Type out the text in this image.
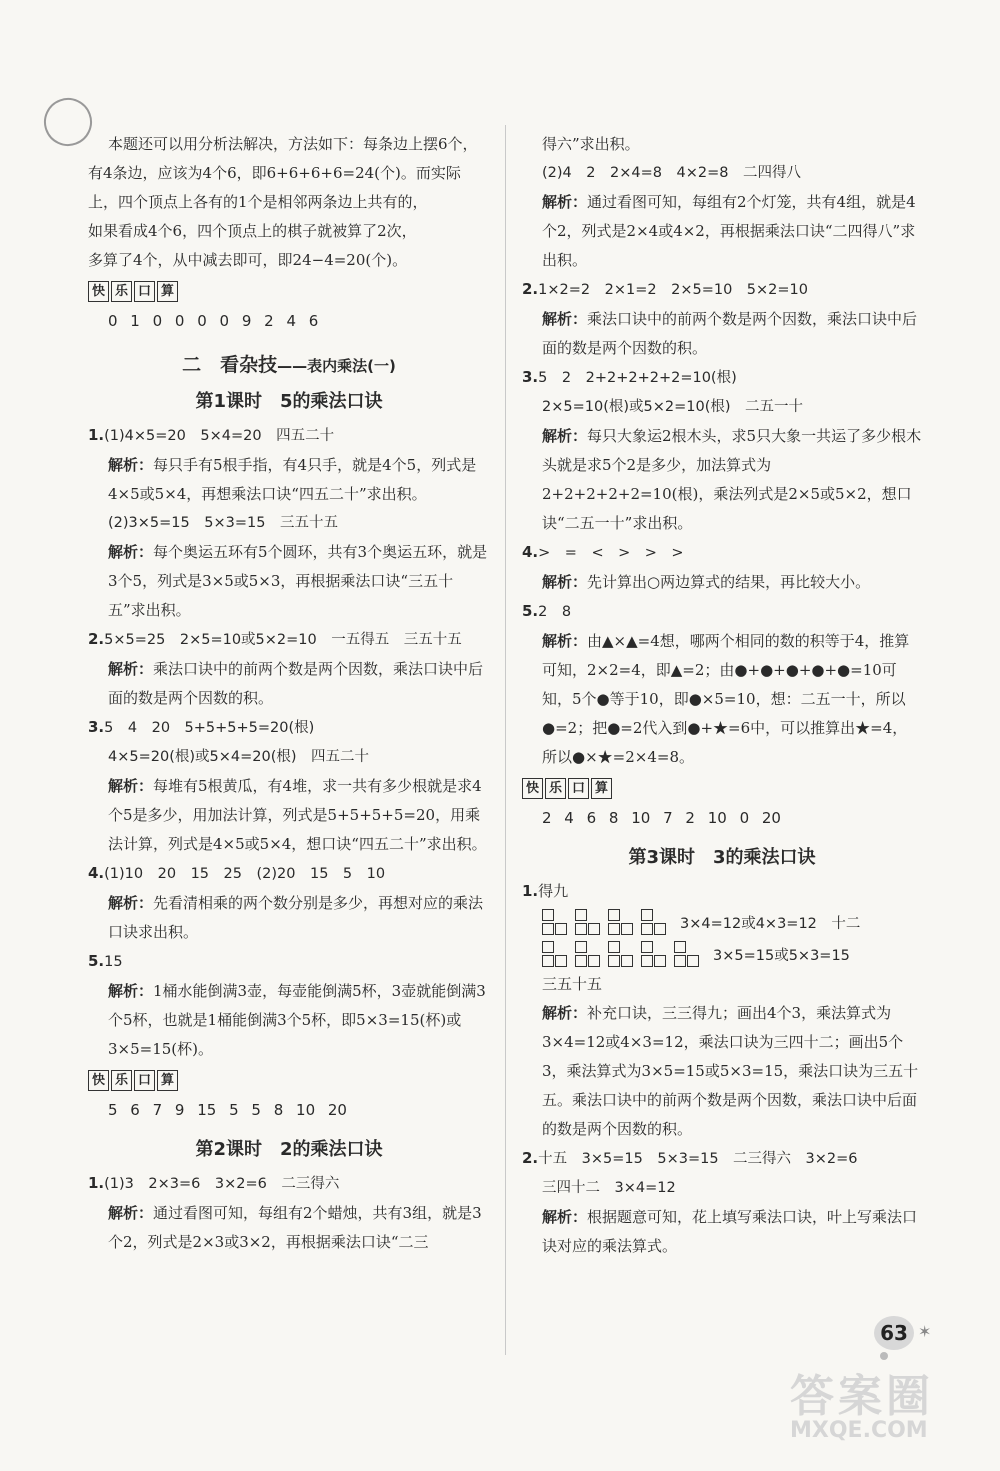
本题还可以用分析法解决，方法如下：每条边上摆6个，
有4条边，应该为4个6，即6+6+6+6=24(个)。而实际
上，四个顶点上各有的1个是相邻两条边上共有的，
如果看成4个6，四个顶点上的棋子就被算了2次，
多算了4个，从中减去即可，即24−4=20(个)。
快 乐 口 算
0 1 0 0 0 0 9 2 4 6
二　 看杂技——表内乘法(一)
第1课时　5的乘法口诀
1.(1)4×5=20　5×4=20　四五二十
解析：每只手有5根手指，有4只手，就是4个5，列式是4×5或5×4，再想乘法口诀“四五二十”求出积。
(2)3×5=15　5×3=15　三五十五
解析：每个奥运五环有5个圆环，共有3个奥运五环，就是3个5，列式是3×5或5×3，再根据乘法口诀“三五十五”求出积。
2.5×5=25　2×5=10或5×2=10　一五得五　三五十五
解析：乘法口诀中的前两个数是两个因数，乘法口诀中后面的数是两个因数的积。
3.5　4　20　5+5+5+5=20(根)
4×5=20(根)或5×4=20(根)　四五二十
解析：每堆有5根黄瓜，有4堆，求一共有多少根就是求4个5是多少，用加法计算，列式是5+5+5+5=20，用乘法计算，列式是4×5或5×4，想口诀“四五二十”求出积。
4.(1)10　20　15　25　(2)20　15　5　10
解析：先看清相乘的两个数分别是多少，再想对应的乘法口诀求出积。
5.15
解析：1桶水能倒满3壶，每壶能倒满5杯，3壶就能倒满3个5杯，也就是1桶能倒满3个5杯，即5×3=15(杯)或3×5=15(杯)。
快 乐 口 算
5 6 7 9 15 5 5 8 10 20
第2课时　2的乘法口诀
1.(1)3　2×3=6　3×2=6　二三得六
解析：通过看图可知，每组有2个蜡烛，共有3组，就是3个2，列式是2×3或3×2，再根据乘法口诀“二三
得六”求出积。
(2)4　2　2×4=8　4×2=8　二四得八
解析：通过看图可知，每组有2个灯笼，共有4组，就是4个2，列式是2×4或4×2，再根据乘法口诀“二四得八”求出积。
2.1×2=2　2×1=2　2×5=10　5×2=10
解析：乘法口诀中的前两个数是两个因数，乘法口诀中后面的数是两个因数的积。
3.5　2　2+2+2+2+2=10(根)
2×5=10(根)或5×2=10(根)　二五一十
解析：每只大象运2根木头，求5只大象一共运了多少根木头就是求5个2是多少，加法算式为2+2+2+2+2=10(根)，乘法列式是2×5或5×2，想口诀“二五一十”求出积。
4.>　=　<　>　>　>
解析：先计算出○两边算式的结果，再比较大小。
5.2　8
解析：由▲×▲=4想，哪两个相同的数的积等于4，推算可知，2×2=4，即▲=2；由●+●+●+●+●=10可知，5个●等于10，即●×5=10，想：二五一十，所以●=2；把●=2代入到●+★=6中，可以推算出★=4，所以●×★=2×4=8。
快 乐 口 算
2 4 6 8 10 7 2 10 0 20
第3课时　3的乘法口诀
1.得九
3×4=12或4×3=12　十二
3×5=15或5×3=15
三五十五
解析：补充口诀，三三得九；画出4个3，乘法算式为3×4=12或4×3=12，乘法口诀为三四十二；画出5个3，乘法算式为3×5=15或5×3=15，乘法口诀为三五十五。乘法口诀中的前两个数是两个因数，乘法口诀中后面的数是两个因数的积。
2.十五　3×5=15　5×3=15　二三得六　3×2=6
三四十二　3×4=12
解析：根据题意可知，花上填写乘法口诀，叶上写乘法口诀对应的乘法算式。
63 ✶
答案圈
MXQE.COM
